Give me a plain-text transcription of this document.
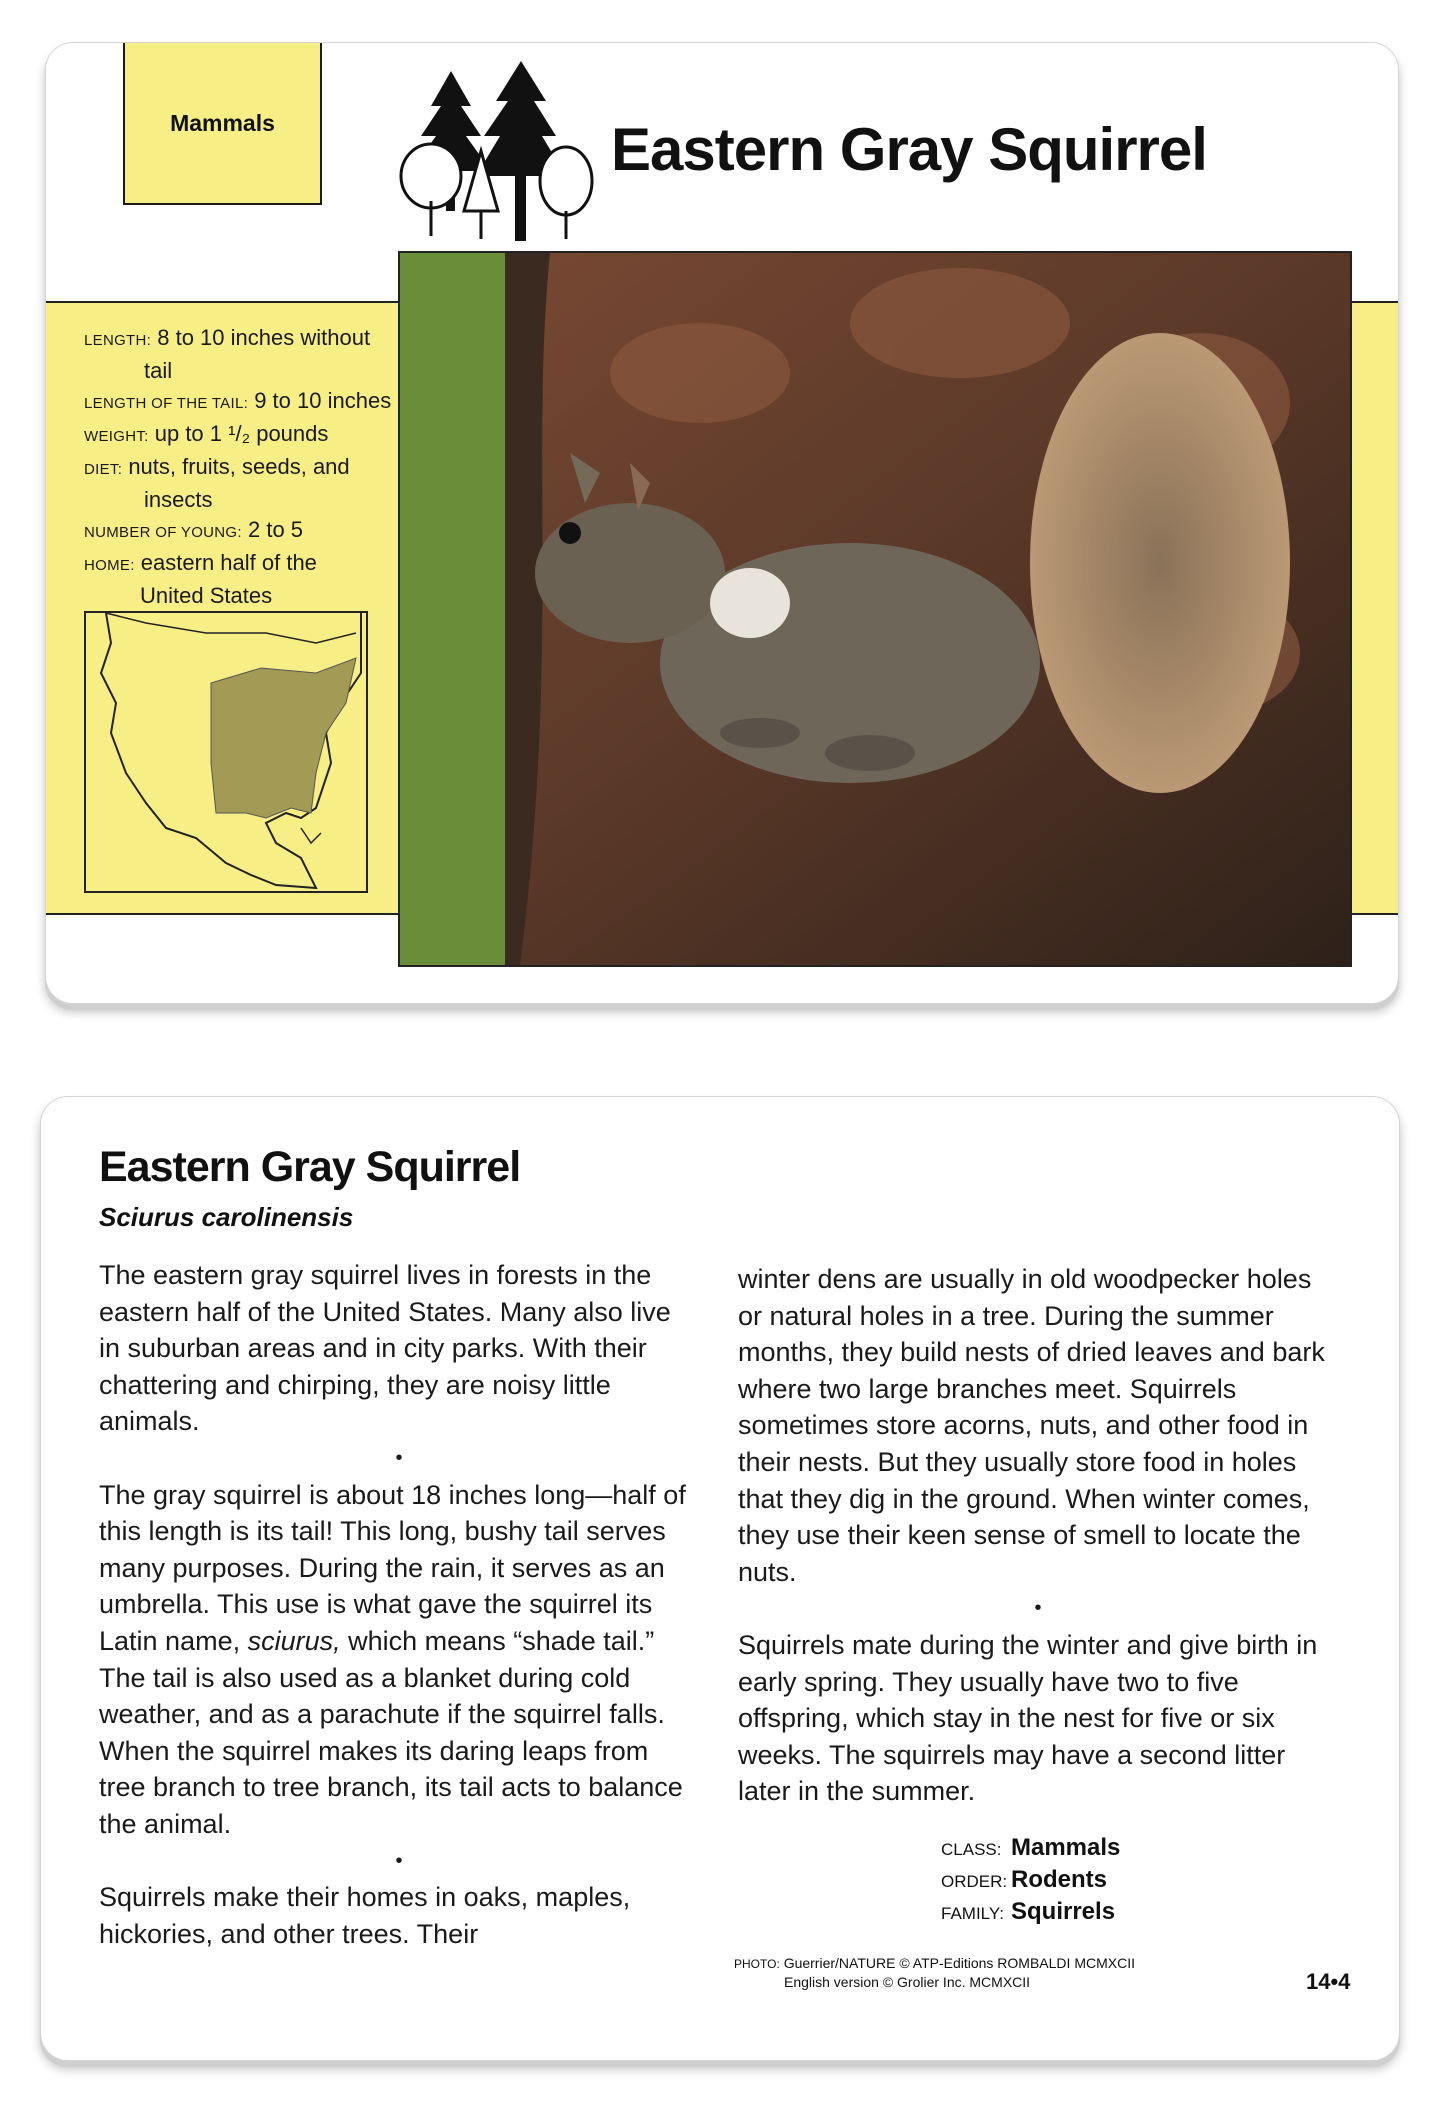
Mammals	Eastern Gray Squirrel
LENGTH: 8 to 10 inches without
tail
LENGTH OF THE TAIL: 9 to 10 inches
WEIGHT: up to 1 ¹/₂ pounds
DIET: nuts, fruits, seeds, and
insects
NUMBER OF YOUNG: 2 to 5
HOME: eastern half of the
United States
Eastern Gray Squirrel
Sciurus carolinensis

The eastern gray squirrel lives in forests in the eastern half of the United States. Many also live in suburban areas and in city parks. With their chattering and chirping, they are noisy little animals.

•

The gray squirrel is about 18 inches long—half of this length is its tail! This long, bushy tail serves many purposes. During the rain, it serves as an umbrella. This use is what gave the squirrel its Latin name, sciurus, which means “shade tail.” The tail is also used as a blanket during cold weather, and as a parachute if the squirrel falls. When the squirrel makes its daring leaps from tree branch to tree branch, its tail acts to balance the animal.

•

Squirrels make their homes in oaks, maples, hickories, and other trees. Their

winter dens are usually in old woodpecker holes or natural holes in a tree. During the summer months, they build nests of dried leaves and bark where two large branches meet. Squirrels sometimes store acorns, nuts, and other food in their nests. But they usually store food in holes that they dig in the ground. When winter comes, they use their keen sense of smell to locate the nuts.

•

Squirrels mate during the winter and give birth in early spring. They usually have two to five offspring, which stay in the nest for five or six weeks. The squirrels may have a second litter later in the summer.

CLASS: Mammals
ORDER: Rodents
FAMILY: Squirrels
PHOTO: Guerrier/NATURE © ATP-Editions ROMBALDI MCMXCII
English version © Grolier Inc. MCMXCII	14•4
